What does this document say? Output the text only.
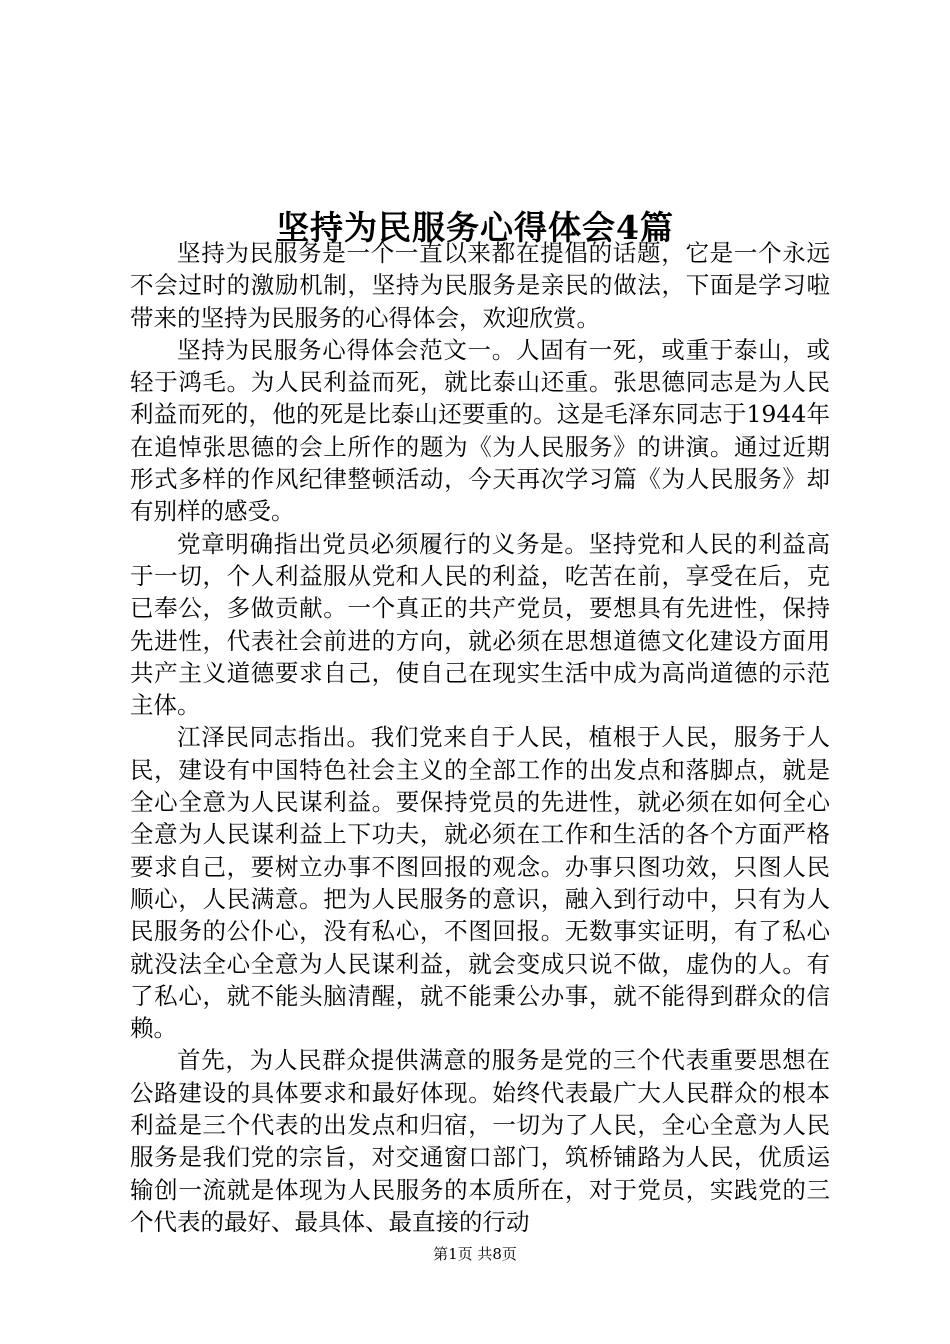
坚持为民服务心得体会4篇

坚持为民服务是一个一直以来都在提倡的话题，它是一个永远不会过时的激励机制，坚持为民服务是亲民的做法，下面是学习啦带来的坚持为民服务的心得体会，欢迎欣赏。

坚持为民服务心得体会范文一。人固有一死，或重于泰山，或轻于鸿毛。为人民利益而死，就比泰山还重。张思德同志是为人民利益而死的，他的死是比泰山还要重的。这是毛泽东同志于1944年在追悼张思德的会上所作的题为《为人民服务》的讲演。通过近期形式多样的作风纪律整顿活动，今天再次学习篇《为人民服务》却有别样的感受。

党章明确指出党员必须履行的义务是。坚持党和人民的利益高于一切，个人利益服从党和人民的利益，吃苦在前，享受在后，克已奉公，多做贡献。一个真正的共产党员，要想具有先进性，保持先进性，代表社会前进的方向，就必须在思想道德文化建设方面用共产主义道德要求自己，使自己在现实生活中成为高尚道德的示范主体。

江泽民同志指出。我们党来自于人民，植根于人民，服务于人民，建设有中国特色社会主义的全部工作的出发点和落脚点，就是全心全意为人民谋利益。要保持党员的先进性，就必须在如何全心全意为人民谋利益上下功夫，就必须在工作和生活的各个方面严格要求自己，要树立办事不图回报的观念。办事只图功效，只图人民顺心，人民满意。把为人民服务的意识，融入到行动中，只有为人民服务的公仆心，没有私心，不图回报。无数事实证明，有了私心就没法全心全意为人民谋利益，就会变成只说不做，虚伪的人。有了私心，就不能头脑清醒，就不能秉公办事，就不能得到群众的信赖。

首先，为人民群众提供满意的服务是党的三个代表重要思想在公路建设的具体要求和最好体现。始终代表最广大人民群众的根本利益是三个代表的出发点和归宿，一切为了人民，全心全意为人民服务是我们党的宗旨，对交通窗口部门，筑桥铺路为人民，优质运输创一流就是体现为人民服务的本质所在，对于党员，实践党的三个代表的最好、最具体、最直接的行动

第1页 共8页
